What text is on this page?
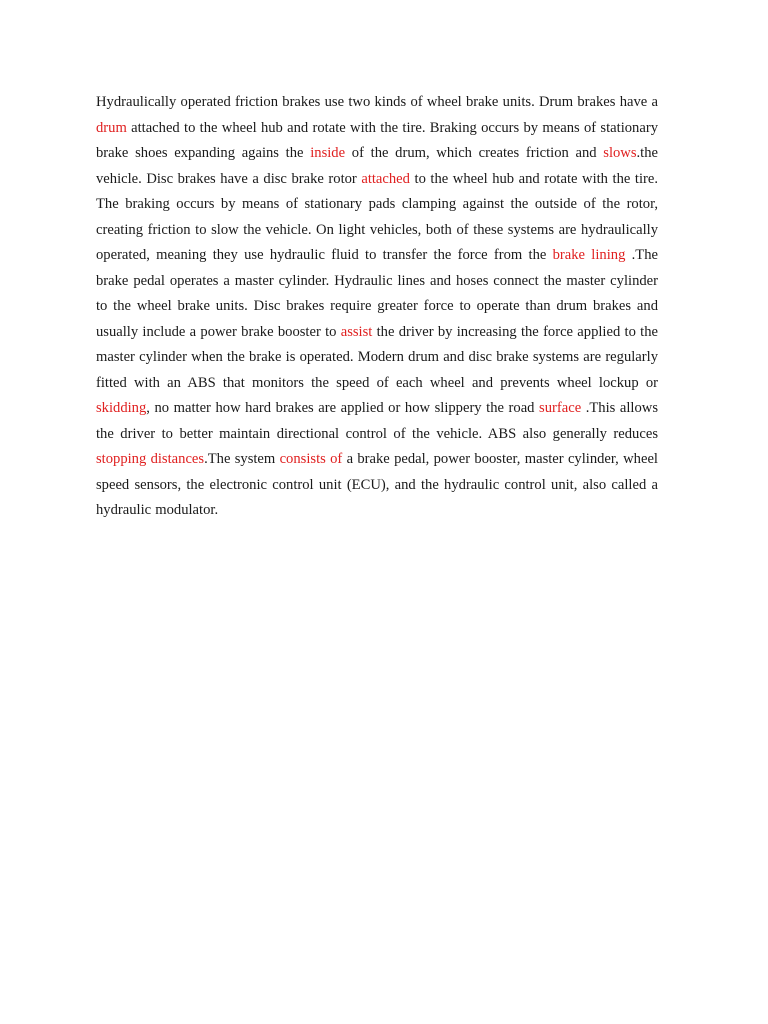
Hydraulically operated friction brakes use two kinds of wheel brake units. Drum brakes have a drum attached to the wheel hub and rotate with the tire. Braking occurs by means of stationary brake shoes expanding agains the inside of the drum, which creates friction and slows.the vehicle. Disc brakes have a disc brake rotor attached to the wheel hub and rotate with the tire. The braking occurs by means of stationary pads clamping against the outside of the rotor, creating friction to slow the vehicle. On light vehicles, both of these systems are hydraulically operated, meaning they use hydraulic fluid to transfer the force from the brake lining .The brake pedal operates a master cylinder. Hydraulic lines and hoses connect the master cylinder to the wheel brake units. Disc brakes require greater force to operate than drum brakes and usually include a power brake booster to assist the driver by increasing the force applied to the master cylinder when the brake is operated. Modern drum and disc brake systems are regularly fitted with an ABS that monitors the speed of each wheel and prevents wheel lockup or skidding, no matter how hard brakes are applied or how slippery the road surface .This allows the driver to better maintain directional control of the vehicle. ABS also generally reduces stopping distances.The system consists of a brake pedal, power booster, master cylinder, wheel speed sensors, the electronic control unit (ECU), and the hydraulic control unit, also called a hydraulic modulator.
